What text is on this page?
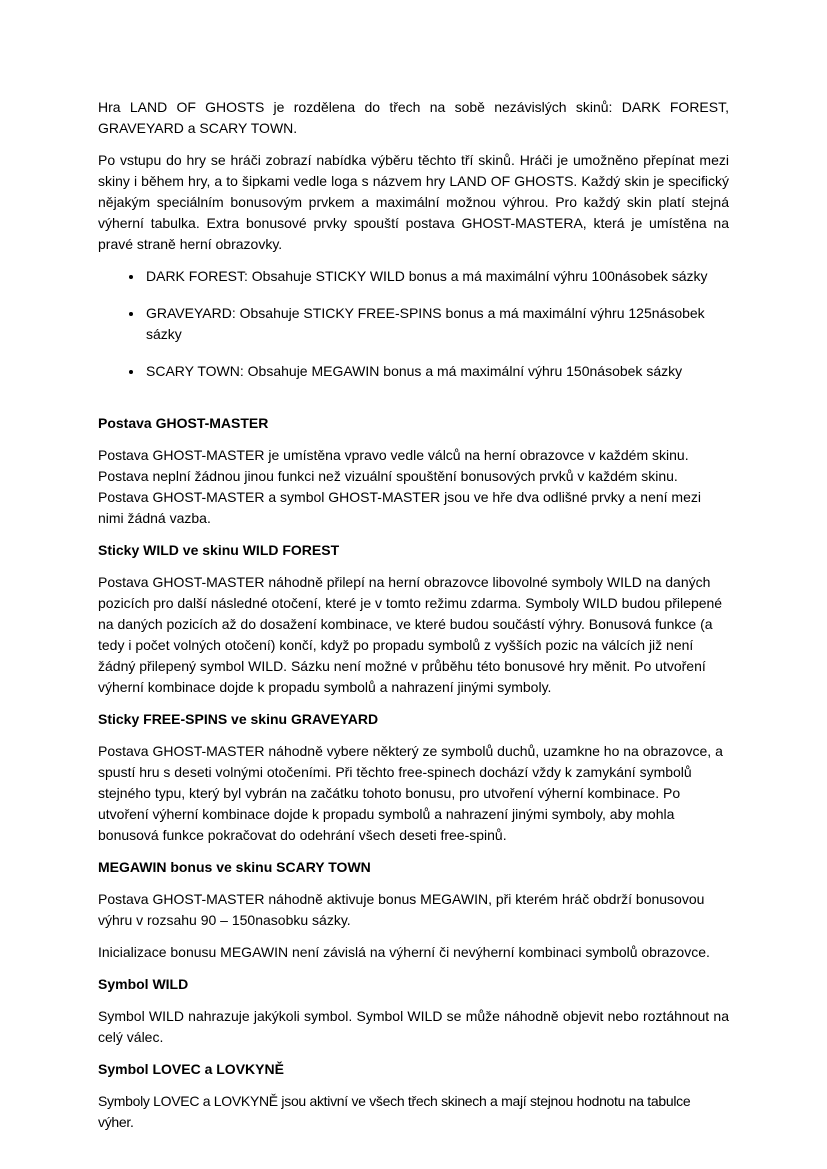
Hra LAND OF GHOSTS je rozdělena do třech na sobě nezávislých skinů: DARK FOREST, GRAVEYARD a SCARY TOWN.

Po vstupu do hry se hráči zobrazí nabídka výběru těchto tří skinů. Hráči je umožněno přepínat mezi skiny i během hry, a to šipkami vedle loga s názvem hry LAND OF GHOSTS. Každý skin je specifický nějakým speciálním bonusovým prvkem a maximální možnou výhrou. Pro každý skin platí stejná výherní tabulka. Extra bonusové prvky spouští postava GHOST-MASTERA, která je umístěna na pravé straně herní obrazovky.

• DARK FOREST: Obsahuje STICKY WILD bonus a má maximální výhru 100násobek sázky
• GRAVEYARD: Obsahuje STICKY FREE-SPINS bonus a má maximální výhru 125násobek sázky
• SCARY TOWN: Obsahuje MEGAWIN bonus a má maximální výhru 150násobek sázky
Postava GHOST-MASTER

Postava GHOST-MASTER je umístěna vpravo vedle válců na herní obrazovce v každém skinu. Postava neplní žádnou jinou funkci než vizuální spouštění bonusových prvků v každém skinu. Postava GHOST-MASTER a symbol GHOST-MASTER jsou ve hře dva odlišné prvky a není mezi nimi žádná vazba.

Sticky WILD ve skinu WILD FOREST

Postava GHOST-MASTER náhodně přilepí na herní obrazovce libovolné symboly WILD na daných pozicích pro další následné otočení, které je v tomto režimu zdarma. Symboly WILD budou přilepené na daných pozicích až do dosažení kombinace, ve které budou součástí výhry. Bonusová funkce (a tedy i počet volných otočení) končí, když po propadu symbolů z vyšších pozic na válcích již není žádný přilepený symbol WILD. Sázku není možné v průběhu této bonusové hry měnit. Po utvoření výherní kombinace dojde k propadu symbolů a nahrazení jinými symboly.

Sticky FREE-SPINS ve skinu GRAVEYARD

Postava GHOST-MASTER náhodně vybere některý ze symbolů duchů, uzamkne ho na obrazovce, a spustí hru s deseti volnými otočeními. Při těchto free-spinech dochází vždy k zamykání symbolů stejného typu, který byl vybrán na začátku tohoto bonusu, pro utvoření výherní kombinace. Po utvoření výherní kombinace dojde k propadu symbolů a nahrazení jinými symboly, aby mohla bonusová funkce pokračovat do odehrání všech deseti free-spinů.

MEGAWIN bonus ve skinu SCARY TOWN

Postava GHOST-MASTER náhodně aktivuje bonus MEGAWIN, při kterém hráč obdrží bonusovou výhru v rozsahu 90 – 150nasobku sázky.

Inicializace bonusu MEGAWIN není závislá na výherní či nevýherní kombinaci symbolů obrazovce.

Symbol WILD

Symbol WILD nahrazuje jakýkoli symbol. Symbol WILD se může náhodně objevit nebo roztáhnout na celý válec.

Symbol LOVEC a LOVKYNĚ

Symboly LOVEC a LOVKYNĚ jsou aktivní ve všech třech skinech a mají stejnou hodnotu na tabulce výher.
